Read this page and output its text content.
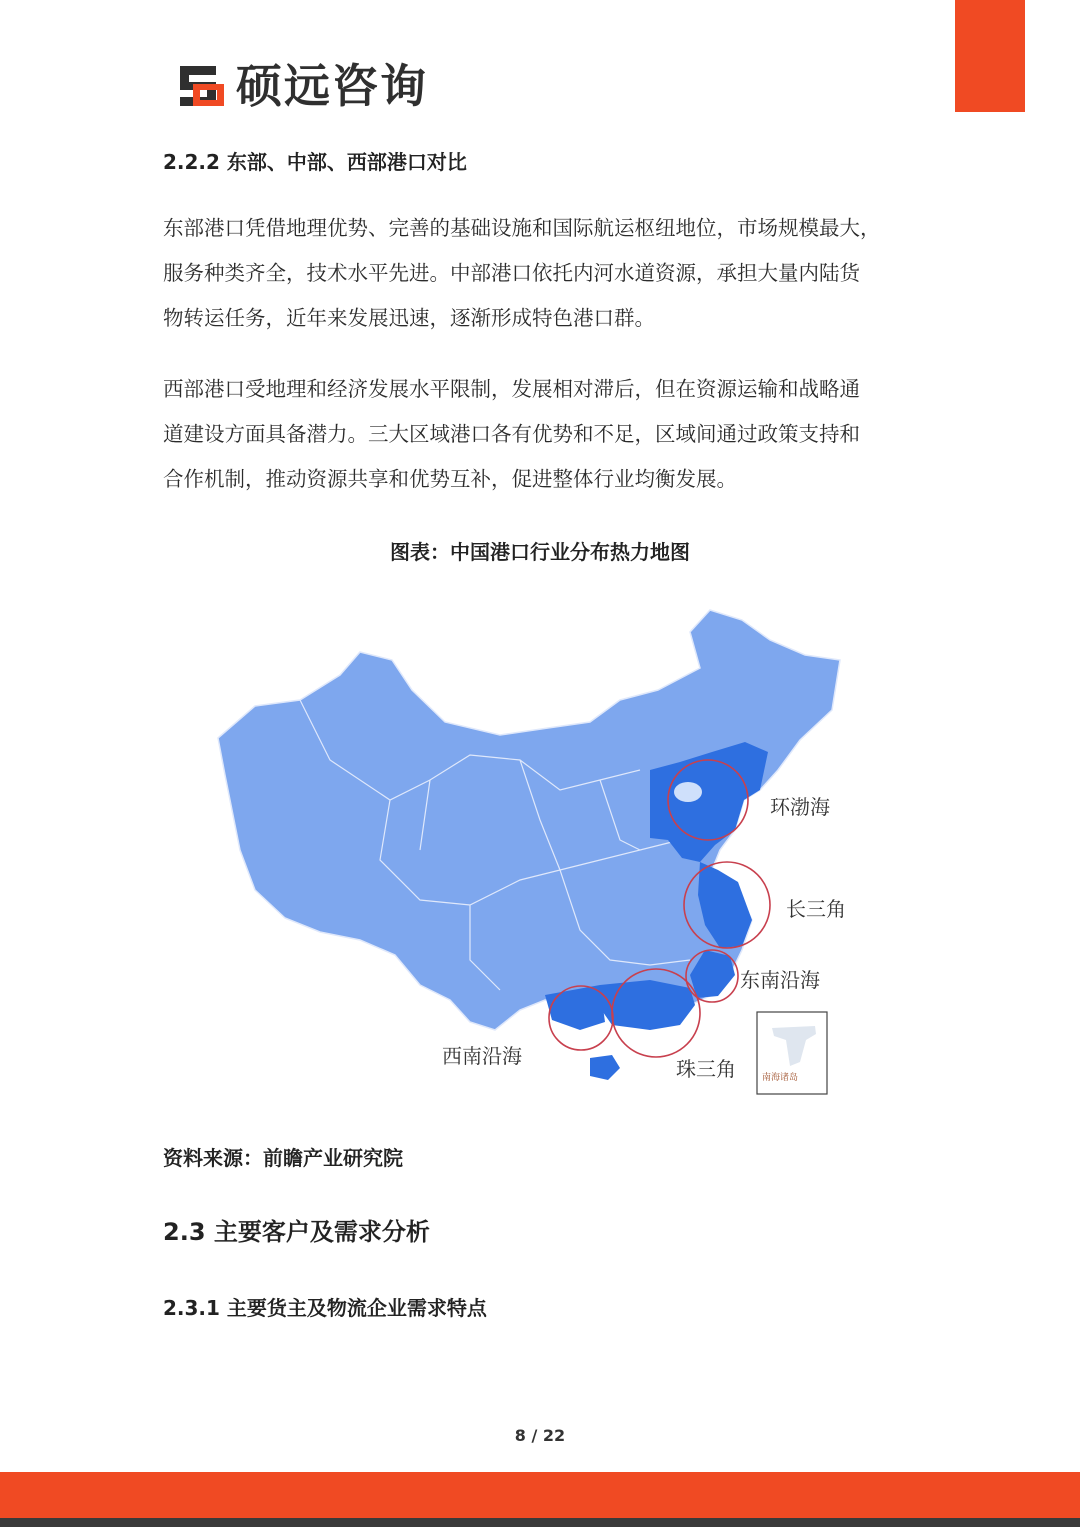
硕远咨询
2.2.2 东部、中部、西部港口对比
东部港口凭借地理优势、完善的基础设施和国际航运枢纽地位，市场规模最大，
服务种类齐全，技术水平先进。中部港口依托内河水道资源，承担大量内陆货
物转运任务，近年来发展迅速，逐渐形成特色港口群。
西部港口受地理和经济发展水平限制，发展相对滞后，但在资源运输和战略通
道建设方面具备潜力。三大区域港口各有优势和不足，区域间通过政策支持和
合作机制，推动资源共享和优势互补，促进整体行业均衡发展。
图表：中国港口行业分布热力地图
环渤海
长三角
东南沿海
珠三角
西南沿海
南海诸岛
资料来源：前瞻产业研究院
2.3 主要客户及需求分析
2.3.1 主要货主及物流企业需求特点
8 / 22
